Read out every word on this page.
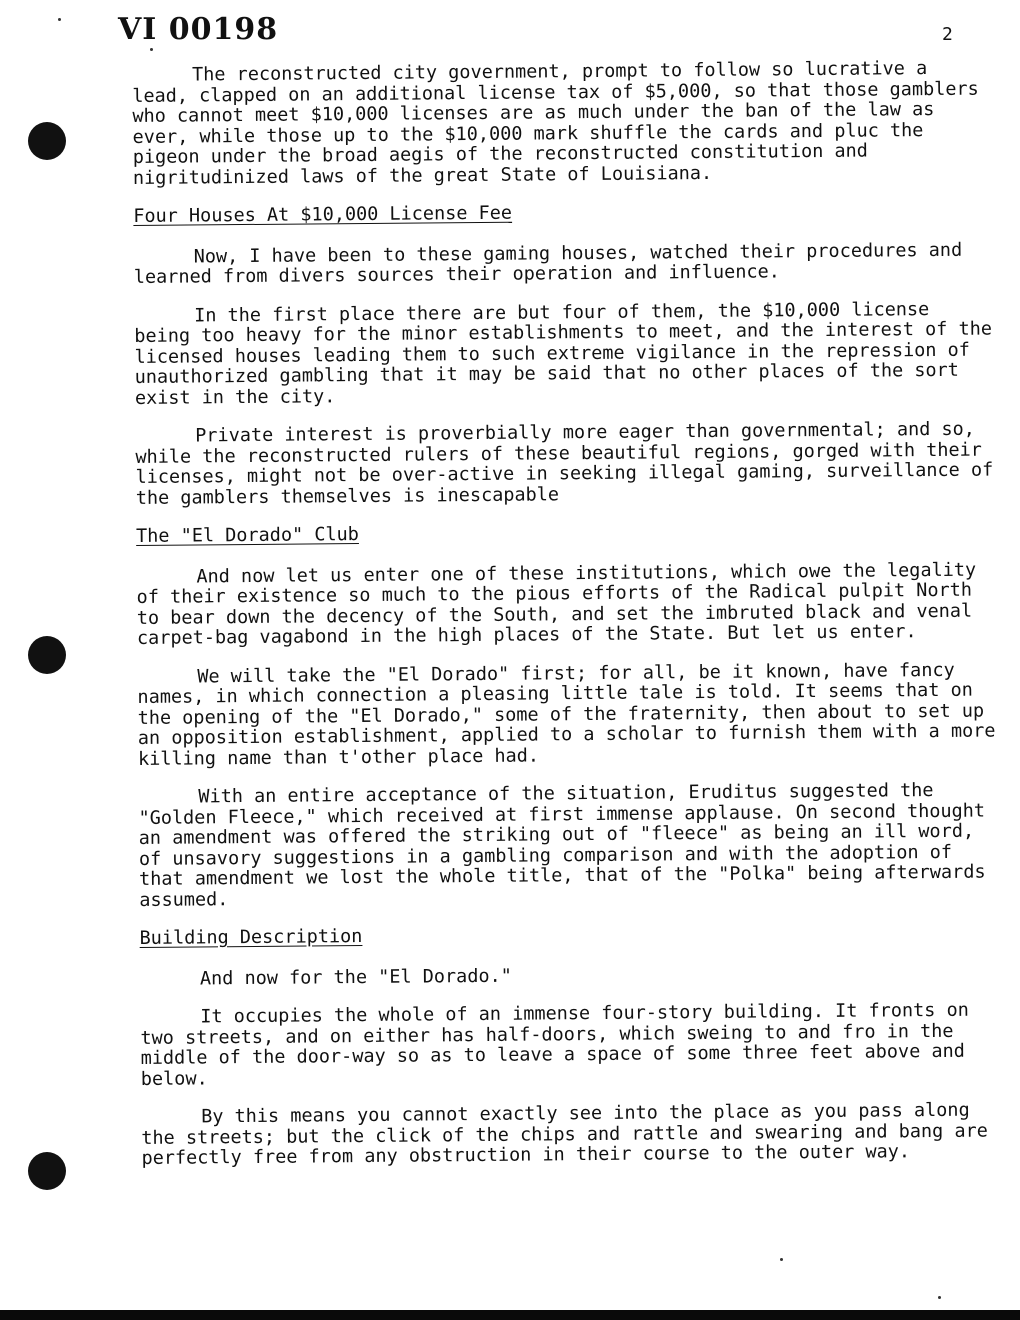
VI 00198	2

The reconstructed city government, prompt to follow so lucrative a lead, clapped on an additional license tax of $5,000, so that those gamblers who cannot meet $10,000 licenses are as much under the ban of the law as ever, while those up to the $10,000 mark shuffle the cards and pluc the pigeon under the broad aegis of the reconstructed constitution and nigritudinized laws of the great State of Louisiana.

Four Houses At $10,000 License Fee

Now, I have been to these gaming houses, watched their procedures and learned from divers sources their operation and influence.

In the first place there are but four of them, the $10,000 license being too heavy for the minor establishments to meet, and the interest of the licensed houses leading them to such extreme vigilance in the repression of unauthorized gambling that it may be said that no other places of the sort exist in the city.

Private interest is proverbially more eager than governmental; and so, while the reconstructed rulers of these beautiful regions, gorged with their licenses, might not be over-active in seeking illegal gaming, surveillance of the gamblers themselves is inescapable

The "El Dorado" Club

And now let us enter one of these institutions, which owe the legality of their existence so much to the pious efforts of the Radical pulpit North to bear down the decency of the South, and set the imbruted black and venal carpet-bag vagabond in the high places of the State. But let us enter.

We will take the "El Dorado" first; for all, be it known, have fancy names, in which connection a pleasing little tale is told. It seems that on the opening of the "El Dorado," some of the fraternity, then about to set up an opposition establishment, applied to a scholar to furnish them with a more killing name than t'other place had.

With an entire acceptance of the situation, Eruditus suggested the "Golden Fleece," which received at first immense applause. On second thought an amendment was offered the striking out of "fleece" as being an ill word, of unsavory suggestions in a gambling comparison and with the adoption of that amendment we lost the whole title, that of the "Polka" being afterwards assumed.

Building Description

And now for the "El Dorado."

It occupies the whole of an immense four-story building. It fronts on two streets, and on either has half-doors, which sweing to and fro in the middle of the door-way so as to leave a space of some three feet above and below.

By this means you cannot exactly see into the place as you pass along the streets; but the click of the chips and rattle and swearing and bang are perfectly free from any obstruction in their course to the outer way.
